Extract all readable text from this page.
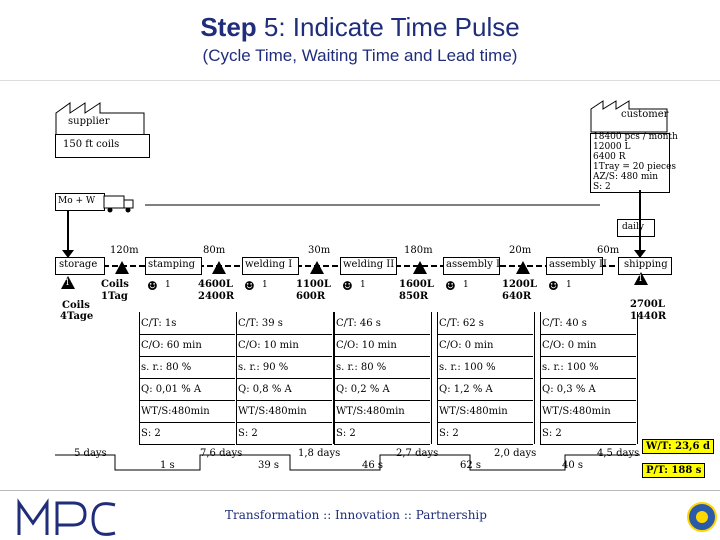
Step 5: Indicate Time Pulse
(Cycle Time, Waiting Time and Lead time)
supplier
150 ft coils
customer
18400 pcs / month
12000 L
6400 R
1Tray = 20 pieces
AZ/S: 480 min
S: 2
Mo + W
daily
120m	80m	30m	180m	20m	60m
storage
1
Coils
4Tage
stamping
☻ 1
Coils
1Tag
C/T: 1s
C/O: 60 min
s. r.: 80 %
Q: 0,01 % A
WT/S:480min
S: 2
welding I
☻ 1
4600L
2400R
C/T: 39 s
C/O: 10 min
s. r.: 90 %
Q: 0,8 % A
WT/S:480min
S: 2
welding II
☻ 1
1100L
600R
C/T: 46 s
C/O: 10 min
s. r.: 80 %
Q: 0,2 % A
WT/S:480min
S: 2
assembly I
☻ 1
1600L
850R
C/T: 62 s
C/O: 0 min
s. r.: 100 %
Q: 1,2 % A
WT/S:480min
S: 2
assembly II
☻ 1
1200L
640R
C/T: 40 s
C/O: 0 min
s. r.: 100 %
Q: 0,3 % A
WT/S:480min
S: 2
shipping
1
2700L
1440R
5 days	7,6 days	1,8 days	2,7 days	2,0 days	4,5 days
1 s	39 s	46 s	62 s	40 s
W/T: 23,6 d
P/T: 188 s
Transformation :: Innovation :: Partnership
